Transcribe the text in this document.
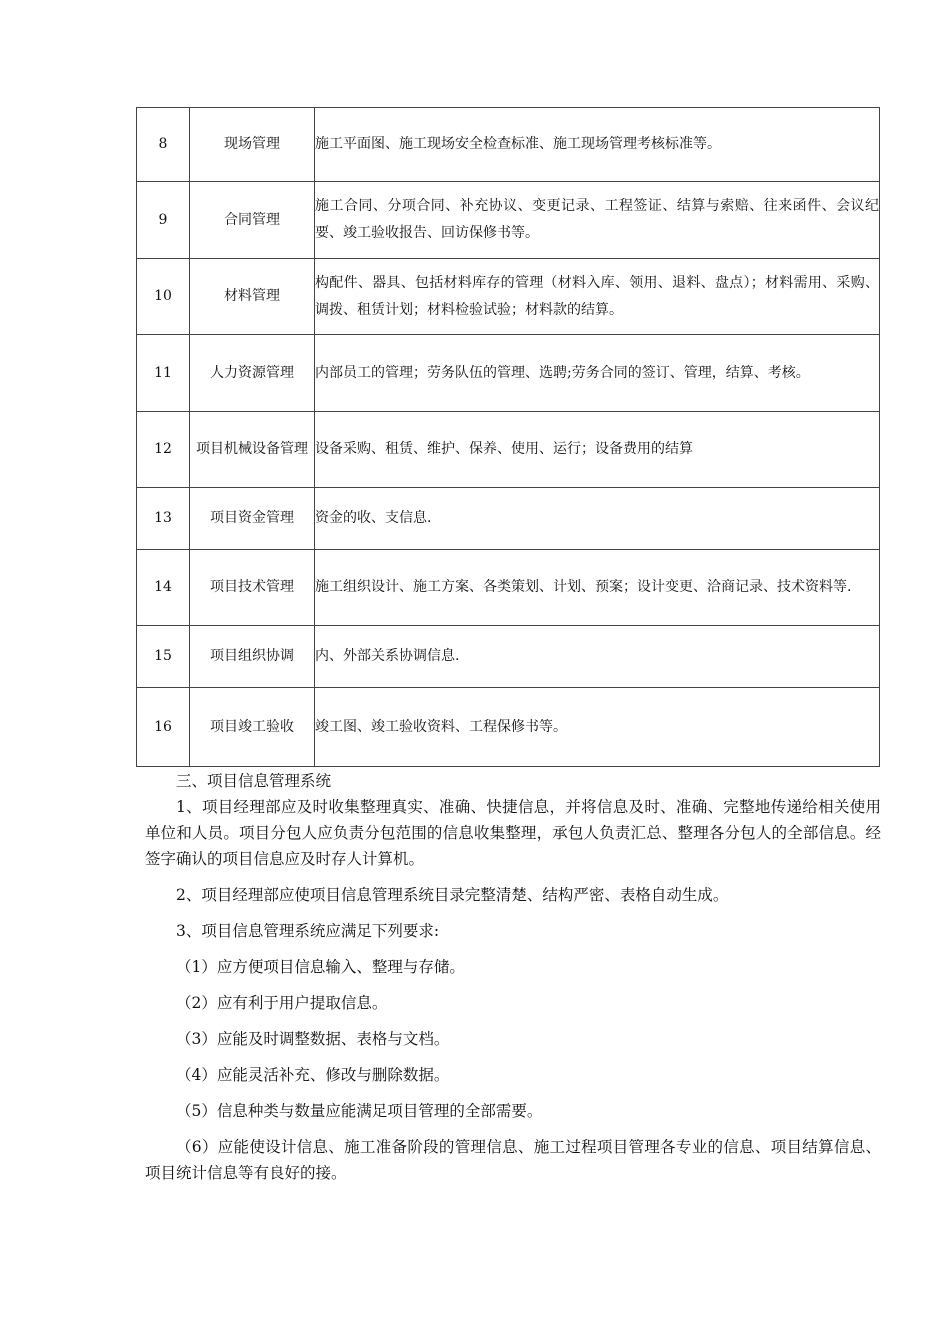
8	现场管理	施工平面图、施工现场安全检查标准、施工现场管理考核标准等。
9	合同管理	施工合同、分项合同、补充协议、变更记录、工程签证、结算与索赔、往来函件、会议纪要、竣工验收报告、回访保修书等。
10	材料管理	构配件、器具、包括材料库存的管理（材料入库、领用、退料、盘点）；材料需用、采购、调拨、租赁计划；材料检验试验；材料款的结算。
11	人力资源管理	内部员工的管理；劳务队伍的管理、选聘;劳务合同的签订、管理，结算、考核。
12	项目机械设备管理	设备采购、租赁、维护、保养、使用、运行；设备费用的结算
13	项目资金管理	资金的收、支信息.
14	项目技术管理	施工组织设计、施工方案、各类策划、计划、预案；设计变更、洽商记录、技术资料等.
15	项目组织协调	内、外部关系协调信息.
16	项目竣工验收	竣工图、竣工验收资料、工程保修书等。

三、项目信息管理系统

1、项目经理部应及时收集整理真实、准确、快捷信息，并将信息及时、准确、完整地传递给相关使用单位和人员。项目分包人应负责分包范围的信息收集整理，承包人负责汇总、整理各分包人的全部信息。经签字确认的项目信息应及时存人计算机。

2、项目经理部应使项目信息管理系统目录完整清楚、结构严密、表格自动生成。

3、项目信息管理系统应满足下列要求:

（1）应方便项目信息输入、整理与存储。

（2）应有利于用户提取信息。

（3）应能及时调整数据、表格与文档。

（4）应能灵活补充、修改与删除数据。

（5）信息种类与数量应能满足项目管理的全部需要。

（6）应能使设计信息、施工准备阶段的管理信息、施工过程项目管理各专业的信息、项目结算信息、项目统计信息等有良好的接。
